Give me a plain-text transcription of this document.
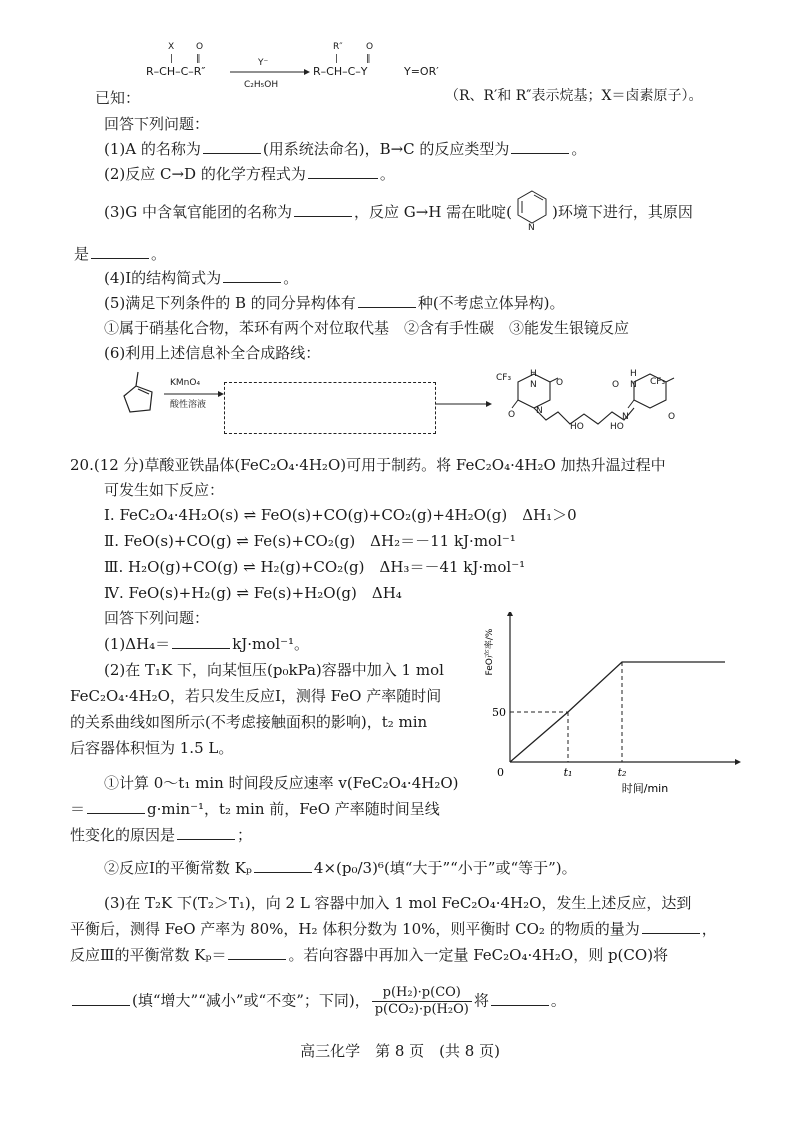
X O
|	‖
R–CH–C–R″
Y⁻
C₂H₅OH
R″	O
|	‖
R–CH–C–Y	Y=OR′
已知：	（R、R′和 R″表示烷基；X＝卤素原子）。
回答下列问题：
(1)A 的名称为	(用系统法命名)，B→C 的反应类型为	。
(2)反应 C→D 的化学方程式为	。
(3)G 中含氧官能团的名称为	，反应 G→H 需在吡啶(
N
)环境下进行，其原因
是	。
(4)Ⅰ的结构简式为	。
(5)满足下列条件的 B 的同分异构体有	种(不考虑立体异构)。
①属于硝基化合物，苯环有两个对位取代基　②含有手性碳　③能发生银镜反应
(6)利用上述信息补全合成路线：
KMnO₄
酸性溶液
CF₃ H
N O
O N
HO	HO
O
H
N CF₃
N	O
20.(12 分)草酸亚铁晶体(FeC₂O₄·4H₂O)可用于制药。将 FeC₂O₄·4H₂O 加热升温过程中
可发生如下反应：
Ⅰ. FeC₂O₄·4H₂O(s) ⇌ FeO(s)+CO(g)+CO₂(g)+4H₂O(g)　ΔH₁＞0
Ⅱ. FeO(s)+CO(g) ⇌ Fe(s)+CO₂(g)　ΔH₂＝－11 kJ·mol⁻¹
Ⅲ. H₂O(g)+CO(g) ⇌ H₂(g)+CO₂(g)　ΔH₃＝－41 kJ·mol⁻¹
Ⅳ. FeO(s)+H₂(g) ⇌ Fe(s)+H₂O(g)　ΔH₄
回答下列问题：
(1)ΔH₄＝	kJ·mol⁻¹。
(2)在 T₁K 下，向某恒压(p₀kPa)容器中加入 1 mol
FeC₂O₄·4H₂O，若只发生反应Ⅰ，测得 FeO 产率随时间
的关系曲线如图所示(不考虑接触面积的影响)，t₂ min
后容器体积恒为 1.5 L。
①计算 0～t₁ min 时间段反应速率 v(FeC₂O₄·4H₂O)
＝	g·min⁻¹，t₂ min 前，FeO 产率随时间呈线
性变化的原因是	；
②反应Ⅰ的平衡常数 Kₚ	4×(p₀/3)⁶(填“大于”“小于”或“等于”)。
(3)在 T₂K 下(T₂＞T₁)，向 2 L 容器中加入 1 mol FeC₂O₄·4H₂O，发生上述反应，达到
平衡后，测得 FeO 产率为 80%，H₂ 体积分数为 10%，则平衡时 CO₂ 的物质的量为	，
反应Ⅲ的平衡常数 Kₚ＝	。若向容器中再加入一定量 FeC₂O₄·4H₂O，则 p(CO)将
(填“增大”“减小”或“不变”；下同)， $\frac{\text{p(H₂)·p(CO)}}{\text{p(CO₂)·p(H₂O)}}$ 将	。
0
50
t₁	t₂
时间/min
FeO产率/%
高三化学　第 8 页　(共 8 页)
